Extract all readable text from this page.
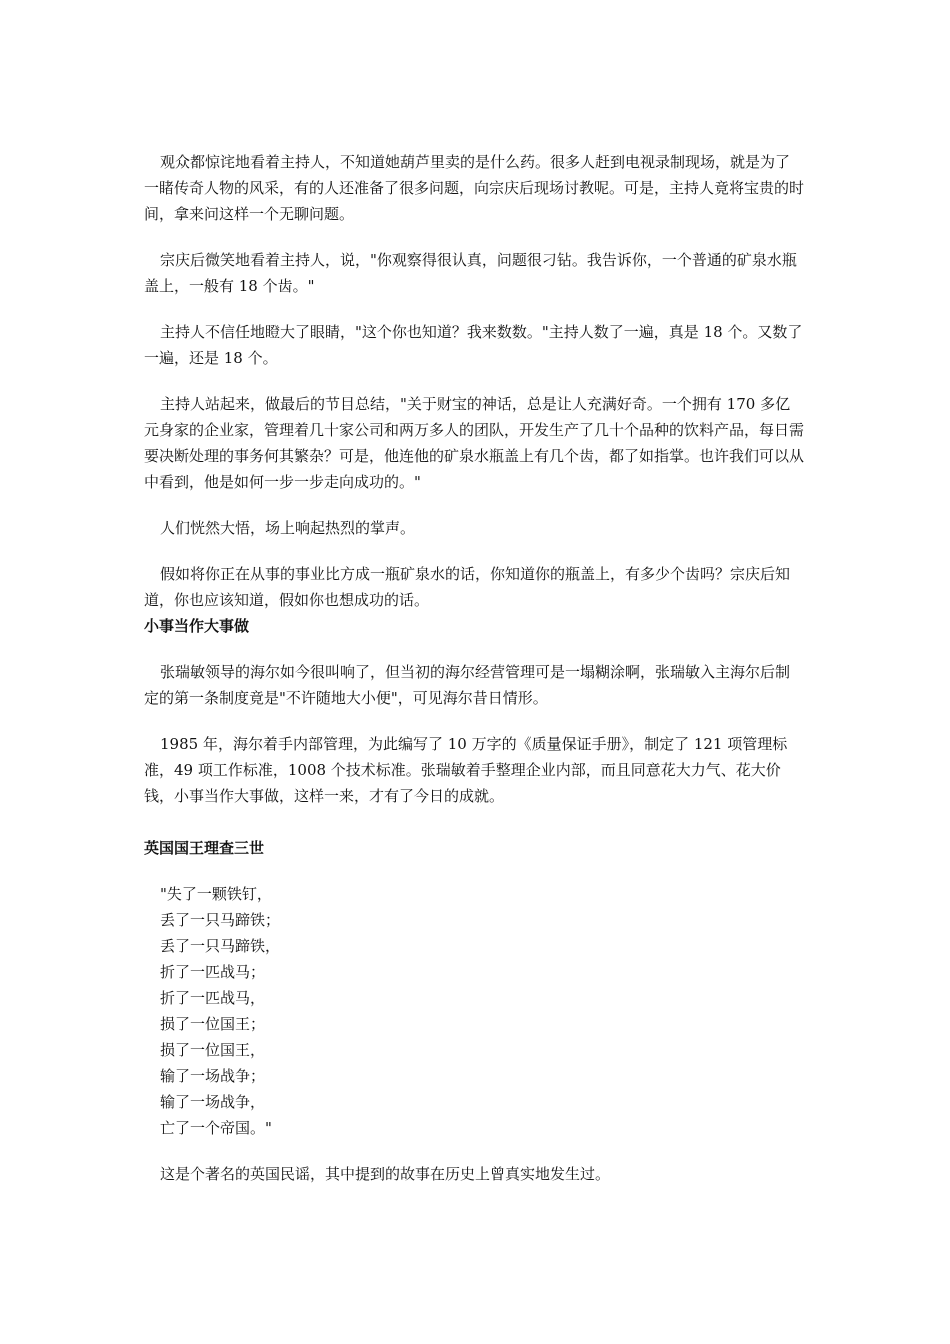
观众都惊诧地看着主持人，不知道她葫芦里卖的是什么药。很多人赶到电视录制现场，就是为了一睹传奇人物的风采，有的人还准备了很多问题，向宗庆后现场讨教呢。可是，主持人竟将宝贵的时间，拿来问这样一个无聊问题。

宗庆后微笑地看着主持人，说，"你观察得很认真，问题很刁钻。我告诉你，一个普通的矿泉水瓶盖上，一般有 18 个齿。"

主持人不信任地瞪大了眼睛，"这个你也知道？我来数数。"主持人数了一遍，真是 18 个。又数了一遍，还是 18 个。

主持人站起来，做最后的节目总结，"关于财宝的神话，总是让人充满好奇。一个拥有 170 多亿元身家的企业家，管理着几十家公司和两万多人的团队，开发生产了几十个品种的饮料产品，每日需要决断处理的事务何其繁杂？可是，他连他的矿泉水瓶盖上有几个齿，都了如指掌。也许我们可以从中看到，他是如何一步一步走向成功的。"

人们恍然大悟，场上响起热烈的掌声。

假如将你正在从事的事业比方成一瓶矿泉水的话，你知道你的瓶盖上，有多少个齿吗？宗庆后知道，你也应该知道，假如你也想成功的话。

小事当作大事做

张瑞敏领导的海尔如今很叫响了，但当初的海尔经营管理可是一塌糊涂啊，张瑞敏入主海尔后制定的第一条制度竟是"不许随地大小便"，可见海尔昔日情形。

1985 年，海尔着手内部管理，为此编写了 10 万字的《质量保证手册》，制定了 121 项管理标准，49 项工作标准，1008 个技术标准。张瑞敏着手整理企业内部，而且同意花大力气、花大价钱，小事当作大事做，这样一来，才有了今日的成就。

英国国王理查三世
"失了一颗铁钉，
丢了一只马蹄铁；
丢了一只马蹄铁，
折了一匹战马；
折了一匹战马，
损了一位国王；
损了一位国王，
输了一场战争；
输了一场战争，
亡了一个帝国。"

这是个著名的英国民谣，其中提到的故事在历史上曾真实地发生过。
